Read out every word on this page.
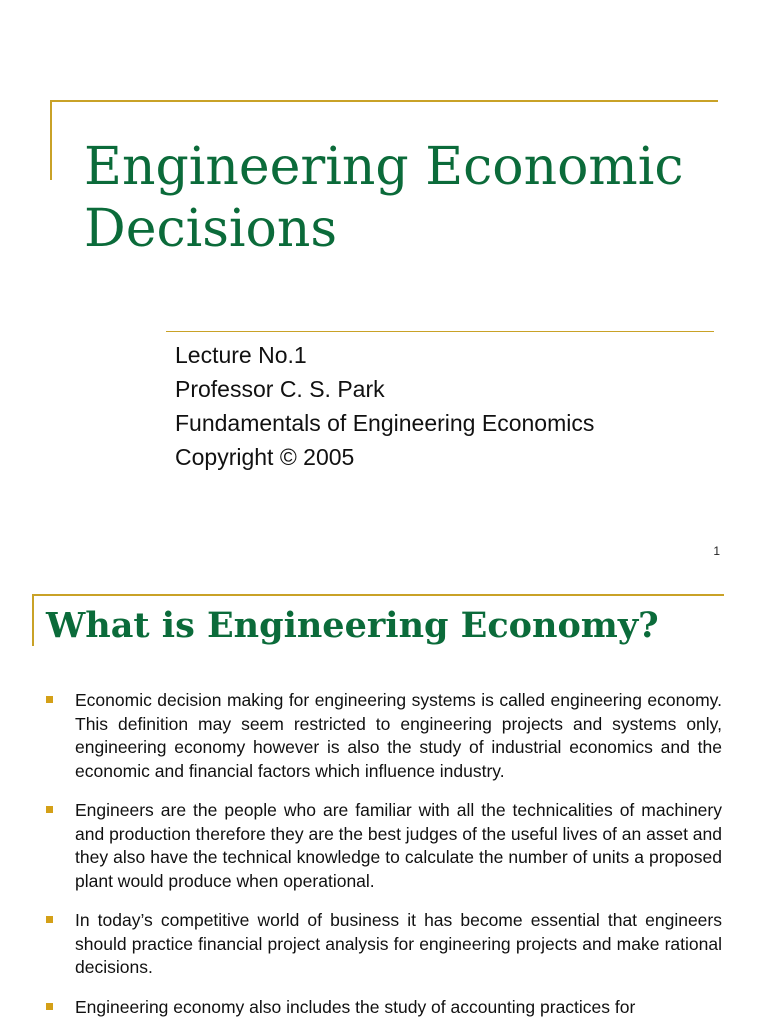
Engineering Economic
Decisions
Lecture No.1
Professor C. S. Park
Fundamentals of Engineering Economics
Copyright © 2005
1
What is Engineering Economy?
Economic decision making for engineering systems is called engineering economy. This definition may seem restricted to engineering projects and systems only, engineering economy however is also the study of industrial economics and the economic and financial factors which influence industry.
Engineers are the people who are familiar with all the technicalities of machinery and production therefore they are the best judges of the useful lives of an asset and they also have the technical knowledge to calculate the number of units a proposed plant would produce when operational.
In today’s competitive world of business it has become essential that engineers should practice financial project analysis for engineering projects and make rational decisions.
Engineering economy also includes the study of accounting practices for
